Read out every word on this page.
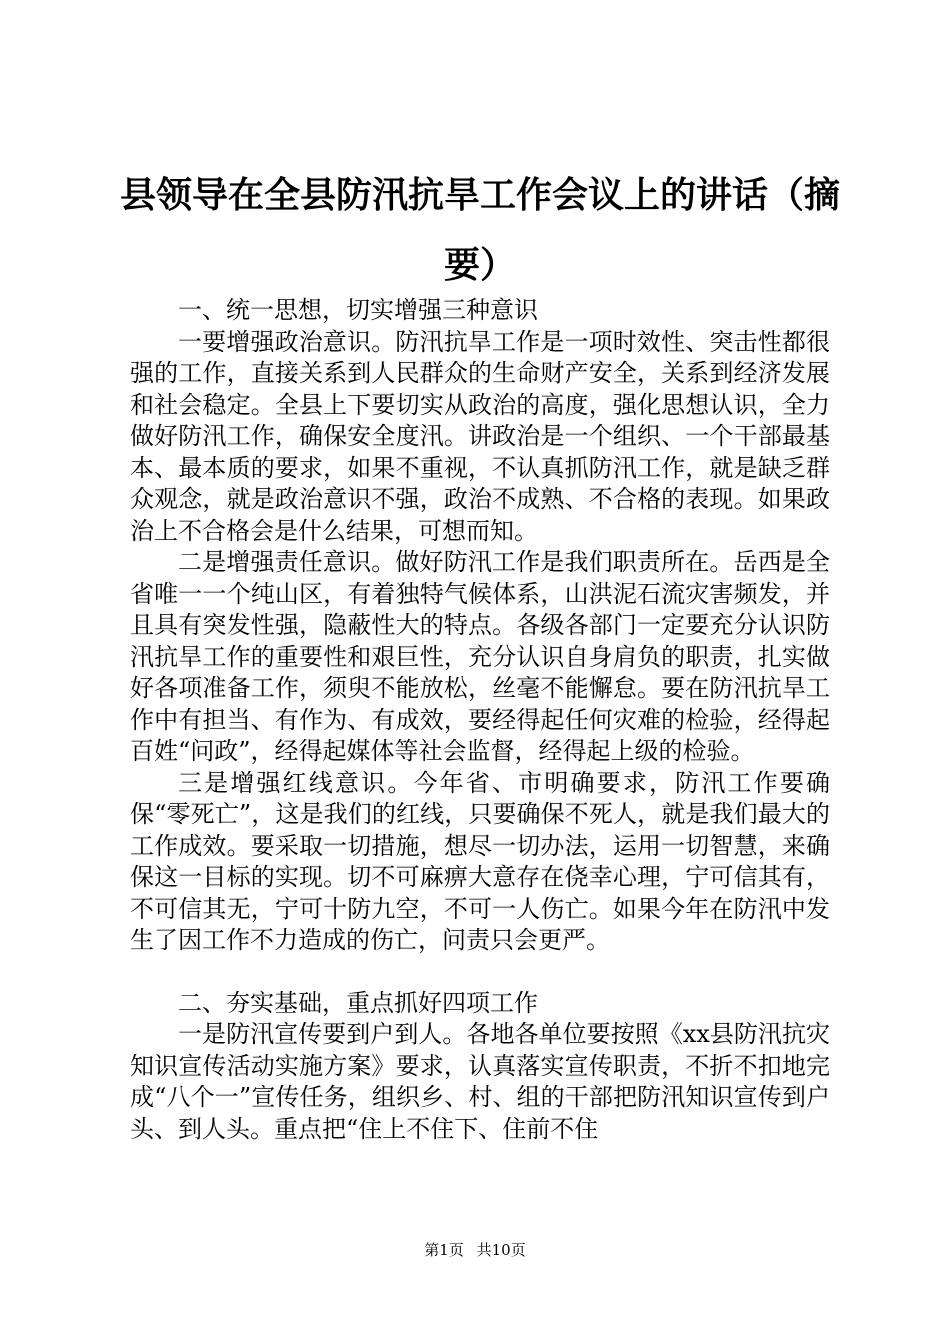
县领导在全县防汛抗旱工作会议上的讲话（摘要）

一、统一思想，切实增强三种意识

一要增强政治意识。防汛抗旱工作是一项时效性、突击性都很强的工作，直接关系到人民群众的生命财产安全，关系到经济发展和社会稳定。全县上下要切实从政治的高度，强化思想认识，全力做好防汛工作，确保安全度汛。讲政治是一个组织、一个干部最基本、最本质的要求，如果不重视，不认真抓防汛工作，就是缺乏群众观念，就是政治意识不强，政治不成熟、不合格的表现。如果政治上不合格会是什么结果，可想而知。

二是增强责任意识。做好防汛工作是我们职责所在。岳西是全省唯一一个纯山区，有着独特气候体系，山洪泥石流灾害频发，并且具有突发性强，隐蔽性大的特点。各级各部门一定要充分认识防汛抗旱工作的重要性和艰巨性，充分认识自身肩负的职责，扎实做好各项准备工作，须臾不能放松，丝毫不能懈怠。要在防汛抗旱工作中有担当、有作为、有成效，要经得起任何灾难的检验，经得起百姓“问政”，经得起媒体等社会监督，经得起上级的检验。

三是增强红线意识。今年省、市明确要求，防汛工作要确保“零死亡”，这是我们的红线，只要确保不死人，就是我们最大的工作成效。要采取一切措施，想尽一切办法，运用一切智慧，来确保这一目标的实现。切不可麻痹大意存在侥幸心理，宁可信其有，不可信其无，宁可十防九空，不可一人伤亡。如果今年在防汛中发生了因工作不力造成的伤亡，问责只会更严。

二、夯实基础，重点抓好四项工作

一是防汛宣传要到户到人。各地各单位要按照《xx县防汛抗灾知识宣传活动实施方案》要求，认真落实宣传职责，不折不扣地完成“八个一”宣传任务，组织乡、村、组的干部把防汛知识宣传到户头、到人头。重点把“住上不住下、住前不住

第1页 共10页
